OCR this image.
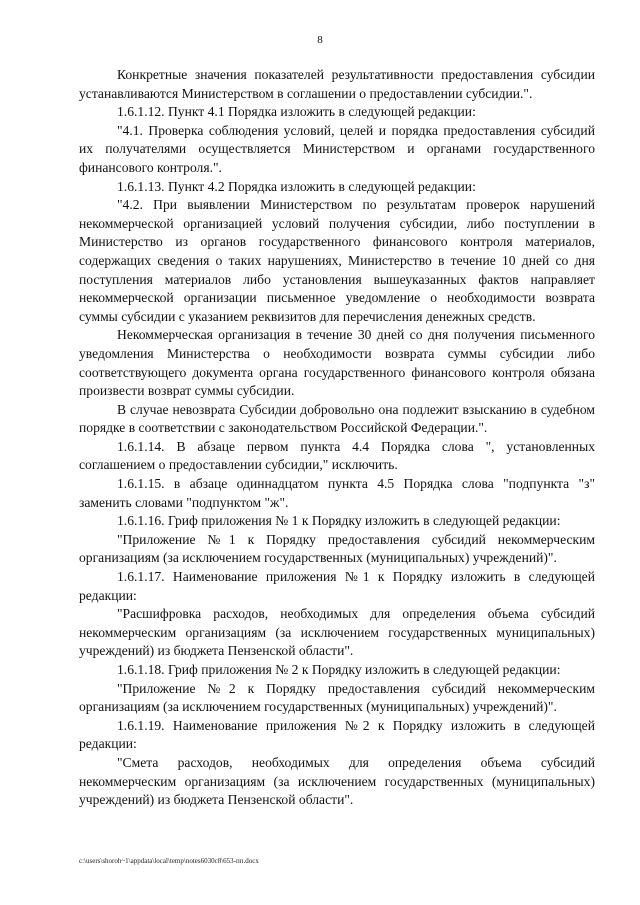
8

Конкретные значения показателей результативности предоставления субсидии устанавливаются Министерством в соглашении о предоставлении субсидии.".

1.6.1.12. Пункт 4.1 Порядка изложить в следующей редакции:

"4.1. Проверка соблюдения условий, целей и порядка предоставления субсидий их получателями осуществляется Министерством и органами государственного финансового контроля.".

1.6.1.13. Пункт 4.2 Порядка изложить в следующей редакции:

"4.2. При выявлении Министерством по результатам проверок нарушений некоммерческой организацией условий получения субсидии, либо поступлении в Министерство из органов государственного финансового контроля материалов, содержащих сведения о таких нарушениях, Министерство в течение 10 дней со дня поступления материалов либо установления вышеуказанных фактов направляет некоммерческой организации письменное уведомление о необходимости возврата суммы субсидии с указанием реквизитов для перечисления денежных средств.

Некоммерческая организация в течение 30 дней со дня получения письменного уведомления Министерства о необходимости возврата суммы субсидии либо соответствующего документа органа государственного финансового контроля обязана произвести возврат суммы субсидии.

В случае невозврата Субсидии добровольно она подлежит взысканию в судебном порядке в соответствии с законодательством Российской Федерации.".

1.6.1.14. В абзаце первом пункта 4.4 Порядка слова ", установленных соглашением о предоставлении субсидии," исключить.

1.6.1.15. в абзаце одиннадцатом пункта 4.5 Порядка слова "подпункта "з" заменить словами "подпунктом "ж".

1.6.1.16. Гриф приложения № 1 к Порядку изложить в следующей редакции:

"Приложение №1 к Порядку предоставления субсидий некоммерческим организациям (за исключением государственных (муниципальных) учреждений)".

1.6.1.17. Наименование приложения №1 к Порядку изложить в следующей редакции:

"Расшифровка расходов, необходимых для определения объема субсидий некоммерческим организациям (за исключением государственных муниципальных) учреждений) из бюджета Пензенской области".

1.6.1.18. Гриф приложения № 2 к Порядку изложить в следующей редакции:

"Приложение №2 к Порядку предоставления субсидий некоммерческим организациям (за исключением государственных (муниципальных) учреждений)".

1.6.1.19. Наименование приложения №2 к Порядку изложить в следующей редакции:

"Смета расходов, необходимых для определения объема субсидий некоммерческим организациям (за исключением государственных (муниципальных) учреждений) из бюджета Пензенской области".

c:\users\shoroh~1\appdata\local\temp\notes6030c8\653-пп.docx
